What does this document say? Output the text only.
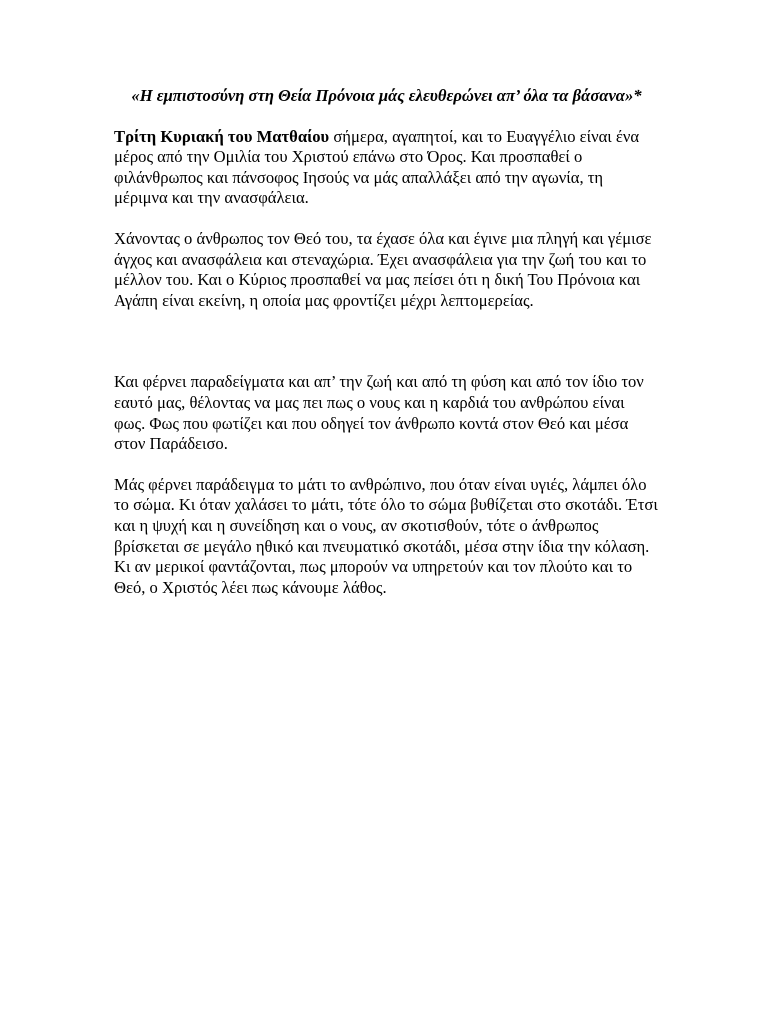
«Η εμπιστοσύνη στη Θεία Πρόνοια μάς ελευθερώνει απ’ όλα τα βάσανα»*

Τρίτη Κυριακή του Ματθαίου σήμερα, αγαπητοί, και το Ευαγγέλιο είναι ένα μέρος από την Ομιλία του Χριστού επάνω στο Όρος. Και προσπαθεί ο φιλάνθρωπος και πάνσοφος Ιησούς να μάς απαλλάξει από την αγωνία, τη μέριμνα και την ανασφάλεια.

Χάνοντας ο άνθρωπος τον Θεό του, τα έχασε όλα και έγινε μια πληγή και γέμισε άγχος και ανασφάλεια και στεναχώρια. Έχει ανασφάλεια για την ζωή του και το μέλλον του. Και ο Κύριος προσπαθεί να μας πείσει ότι η δική Του Πρόνοια και Αγάπη είναι εκείνη, η οποία μας φροντίζει μέχρι λεπτομερείας.

Και φέρνει παραδείγματα και απ’ την ζωή και από τη φύση και από τον ίδιο τον εαυτό μας, θέλοντας να μας πει πως ο νους και η καρδιά του ανθρώπου είναι φως. Φως που φωτίζει και που οδηγεί τον άνθρωπο κοντά στον Θεό και μέσα στον Παράδεισο.

Μάς φέρνει παράδειγμα το μάτι το ανθρώπινο, που όταν είναι υγιές, λάμπει όλο το σώμα. Κι όταν χαλάσει το μάτι, τότε όλο το σώμα βυθίζεται στο σκοτάδι. Έτσι και η ψυχή και η συνείδηση και ο νους, αν σκοτισθούν, τότε ο άνθρωπος βρίσκεται σε μεγάλο ηθικό και πνευματικό σκοτάδι, μέσα στην ίδια την κόλαση. Κι αν μερικοί φαντάζονται, πως μπορούν να υπηρετούν και τον πλούτο και το Θεό, ο Χριστός λέει πως κάνουμε λάθος.
